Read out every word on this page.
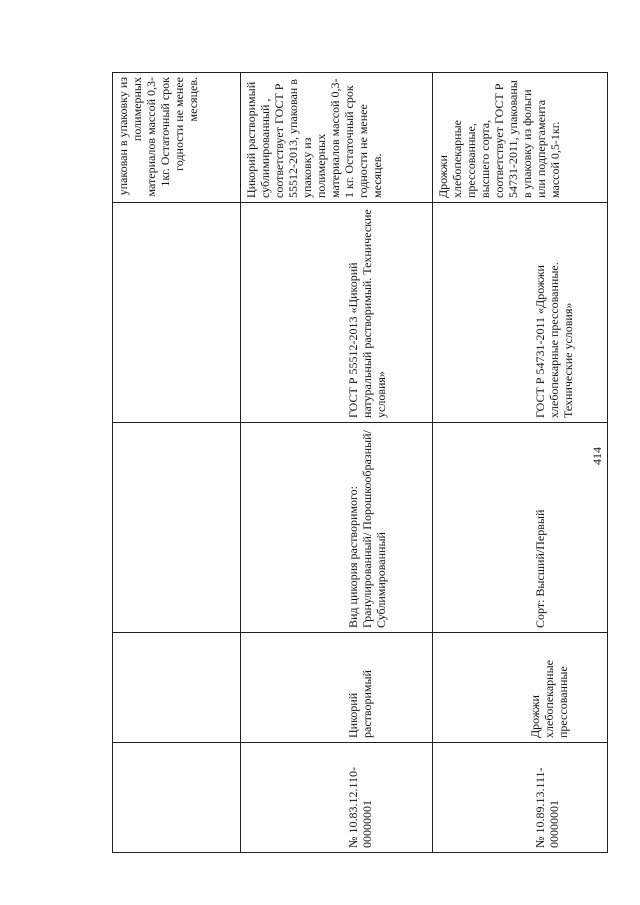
				упакован в упаковку из полимерных материалов массой 0,3-1кг. Остаточный срок годности не менее месяцев.
№ 10.83.12.110-00000001	Цикорий растворимый	Вид цикория растворимого: Гранулированный/ Порошкообразный/ Сублимированный	ГОСТ Р 55512-2013 «Цикорий натуральный растворимый. Технические условия»	Цикорий растворимый сублимированный , соответствует ГОСТ Р 55512-2013, упакован в упаковку из полимерных материалов массой 0,3-1 кг. Остаточный срок годности не менее месяцев.
№ 10.89.13.111-00000001	Дрожжи хлебопекарные прессованные	Сорт: Высший/Первый	ГОСТ Р 54731-2011 «Дрожжи хлебопекарные прессованные. Технические условия»	Дрожжи хлебопекарные прессованные, высшего сорта, соответствует ГОСТ Р 54731-2011, упакованы в упаковку из фольги или подпергамента массой 0,5-1кг.
414
